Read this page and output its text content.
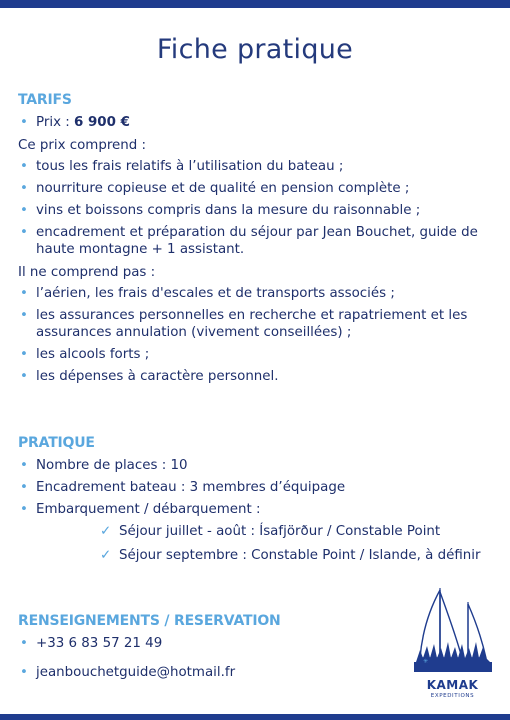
Fiche pratique
TARIFS
• Prix : 6 900 €
Ce prix comprend :
• tous les frais relatifs à l’utilisation du bateau ;
• nourriture copieuse et de qualité en pension complète ;
• vins et boissons compris dans la mesure du raisonnable ;
• encadrement et préparation du séjour par Jean Bouchet, guide de haute montagne + 1 assistant.
Il ne comprend pas :
• l’aérien, les frais d'escales et de transports associés ;
• les assurances personnelles en recherche et rapatriement et les assurances annulation (vivement conseillées) ;
• les alcools forts ;
• les dépenses à caractère personnel.
PRATIQUE
• Nombre de places : 10
• Encadrement bateau : 3 membres d’équipage
• Embarquement / débarquement :
✓ Séjour juillet - août : Ísafjörður / Constable Point
✓ Séjour septembre : Constable Point / Islande, à définir
RENSEIGNEMENTS / RESERVATION
• +33 6 83 57 21 49
• jeanbouchetguide@hotmail.fr
✳
KAMAK
EXPEDITIONS
